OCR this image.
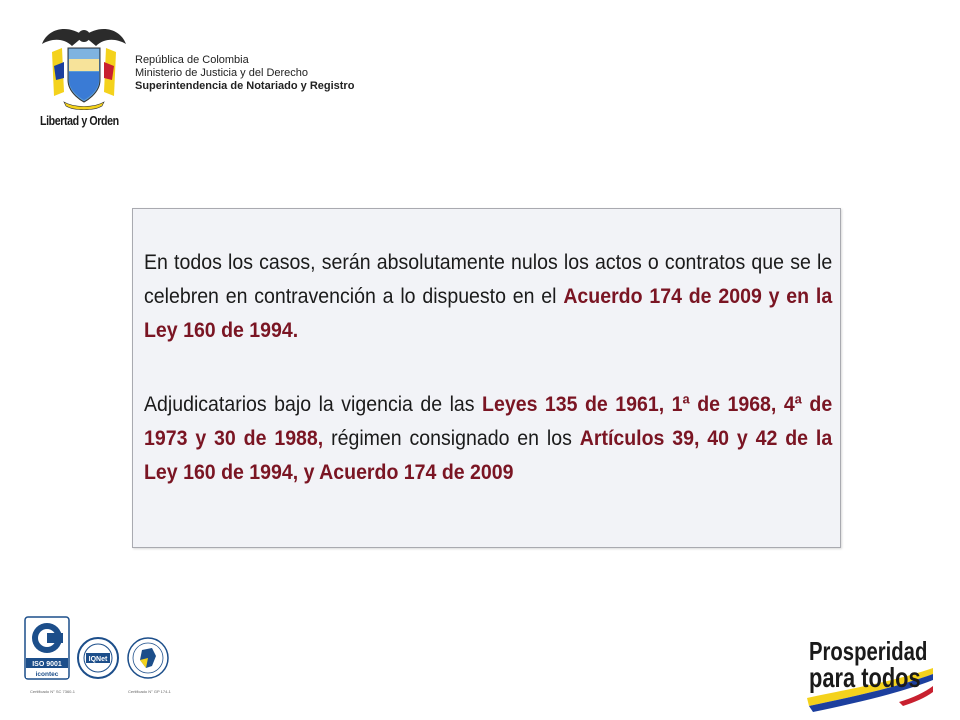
Libertad y Orden
República de Colombia
Ministerio de Justicia y del Derecho
Superintendencia de Notariado y Registro
En todos los casos, serán absolutamente nulos los actos o contratos que se le celebren en contravención a lo dispuesto en el Acuerdo 174 de 2009 y en la Ley 160 de 1994.
Adjudicatarios bajo la vigencia de las Leyes 135 de 1961, 1ª de 1968, 4ª de 1973 y 30 de 1988, régimen consignado en los Artículos 39, 40 y 42 de la Ley 160 de 1994, y Acuerdo 174 de 2009
ISO 9001
icontec
IQNet
Certificado N° SC 7360-1	Certificado N° GP 174-1
Prosperidad
para todos
